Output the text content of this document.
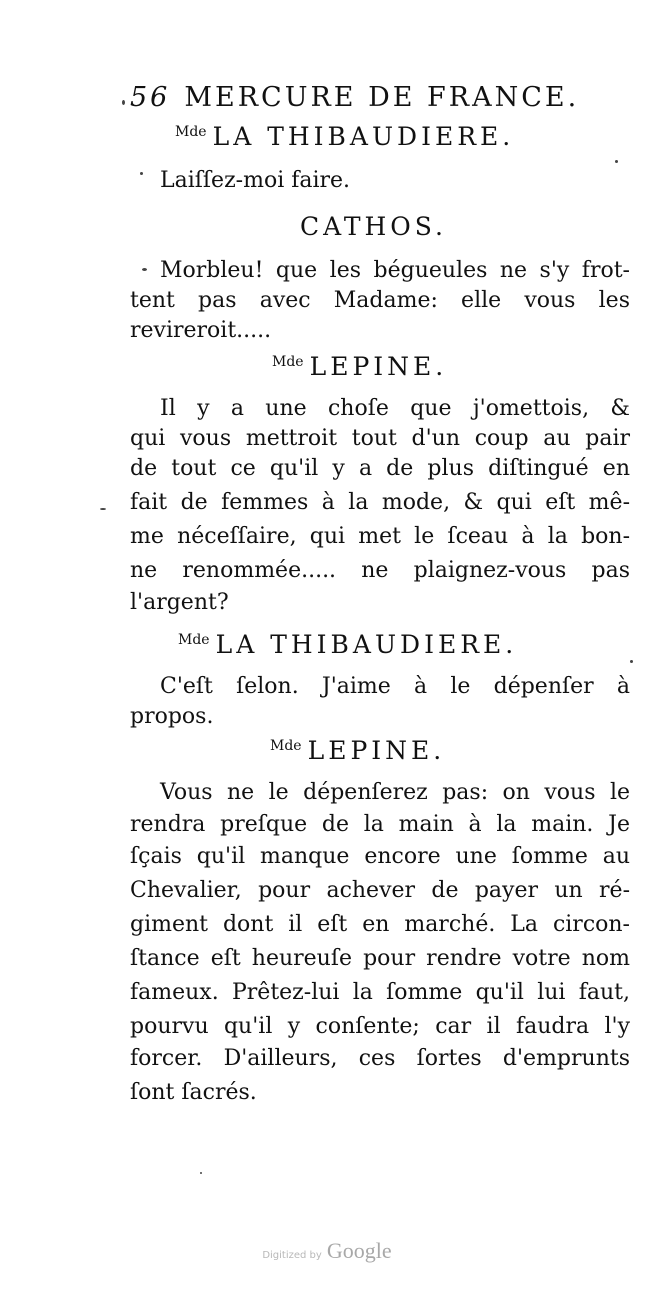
56 MERCURE DE FRANCE.
$^{Mde}$ LA THIBAUDIERE.
Laiſſez-moi faire.
CATHOS.
Morbleu! que les bégueules ne s'y frot-
tent pas avec Madame: elle vous les
revireroit.....
$^{Mde}$ LEPINE.
Il y a une choſe que j'omettois, &
qui vous mettroit tout d'un coup au pair
de tout ce qu'il y a de plus diſtingué en
fait de femmes à la mode, & qui eſt mê-
me néceſſaire, qui met le ſceau à la bon-
ne renommée..... ne plaignez-vous pas
l'argent?
$^{Mde}$ LA THIBAUDIERE.
C'eſt ſelon. J'aime à le dépenſer à
propos.
$^{Mde}$ LEPINE.
Vous ne le dépenſerez pas: on vous le
rendra preſque de la main à la main. Je
ſçais qu'il manque encore une ſomme au
Chevalier, pour achever de payer un ré-
giment dont il eſt en marché. La circon-
ſtance eſt heureuſe pour rendre votre nom
fameux. Prêtez-lui la ſomme qu'il lui faut,
pourvu qu'il y conſente; car il faudra l'y
forcer. D'ailleurs, ces ſortes d'emprunts
ſont ſacrés.
Digitized by Google
